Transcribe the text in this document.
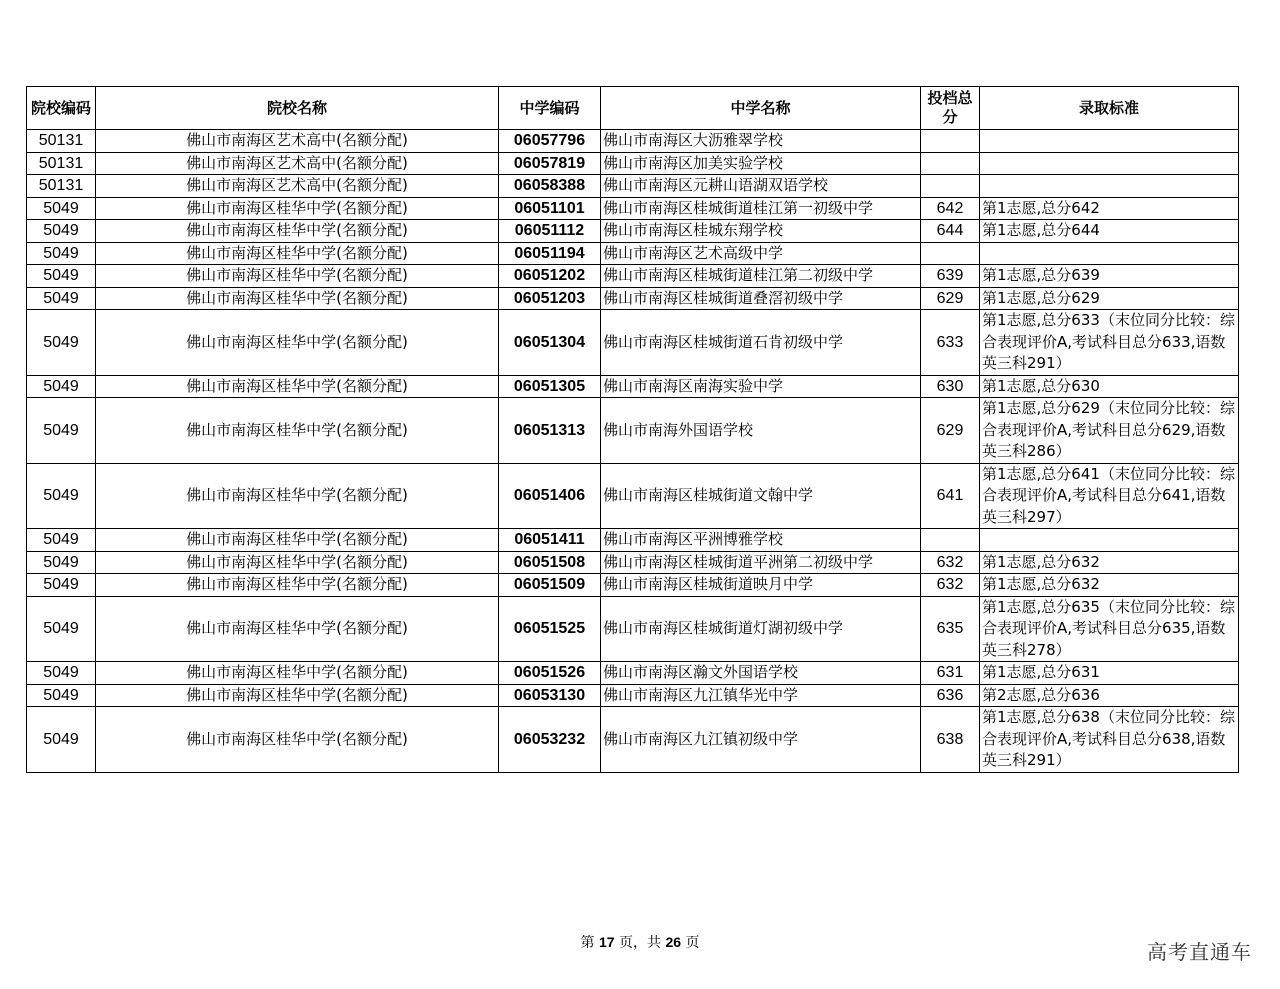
院校编码	院校名称	中学编码	中学名称	投档总分	录取标准
50131	佛山市南海区艺术高中(名额分配)	06057796	佛山市南海区大沥雅翠学校		
50131	佛山市南海区艺术高中(名额分配)	06057819	佛山市南海区加美实验学校		
50131	佛山市南海区艺术高中(名额分配)	06058388	佛山市南海区元耕山语湖双语学校		
5049	佛山市南海区桂华中学(名额分配)	06051101	佛山市南海区桂城街道桂江第一初级中学	642	第1志愿,总分642
5049	佛山市南海区桂华中学(名额分配)	06051112	佛山市南海区桂城东翔学校	644	第1志愿,总分644
5049	佛山市南海区桂华中学(名额分配)	06051194	佛山市南海区艺术高级中学		
5049	佛山市南海区桂华中学(名额分配)	06051202	佛山市南海区桂城街道桂江第二初级中学	639	第1志愿,总分639
5049	佛山市南海区桂华中学(名额分配)	06051203	佛山市南海区桂城街道叠滘初级中学	629	第1志愿,总分629
5049	佛山市南海区桂华中学(名额分配)	06051304	佛山市南海区桂城街道石肯初级中学	633	第1志愿,总分633（末位同分比较：综合表现评价A,考试科目总分633,语数英三科291）
5049	佛山市南海区桂华中学(名额分配)	06051305	佛山市南海区南海实验中学	630	第1志愿,总分630
5049	佛山市南海区桂华中学(名额分配)	06051313	佛山市南海外国语学校	629	第1志愿,总分629（末位同分比较：综合表现评价A,考试科目总分629,语数英三科286）
5049	佛山市南海区桂华中学(名额分配)	06051406	佛山市南海区桂城街道文翰中学	641	第1志愿,总分641（末位同分比较：综合表现评价A,考试科目总分641,语数英三科297）
5049	佛山市南海区桂华中学(名额分配)	06051411	佛山市南海区平洲博雅学校		
5049	佛山市南海区桂华中学(名额分配)	06051508	佛山市南海区桂城街道平洲第二初级中学	632	第1志愿,总分632
5049	佛山市南海区桂华中学(名额分配)	06051509	佛山市南海区桂城街道映月中学	632	第1志愿,总分632
5049	佛山市南海区桂华中学(名额分配)	06051525	佛山市南海区桂城街道灯湖初级中学	635	第1志愿,总分635（末位同分比较：综合表现评价A,考试科目总分635,语数英三科278）
5049	佛山市南海区桂华中学(名额分配)	06051526	佛山市南海区瀚文外国语学校	631	第1志愿,总分631
5049	佛山市南海区桂华中学(名额分配)	06053130	佛山市南海区九江镇华光中学	636	第2志愿,总分636
5049	佛山市南海区桂华中学(名额分配)	06053232	佛山市南海区九江镇初级中学	638	第1志愿,总分638（末位同分比较：综合表现评价A,考试科目总分638,语数英三科291）
第 17 页，共 26 页	高考直通车
